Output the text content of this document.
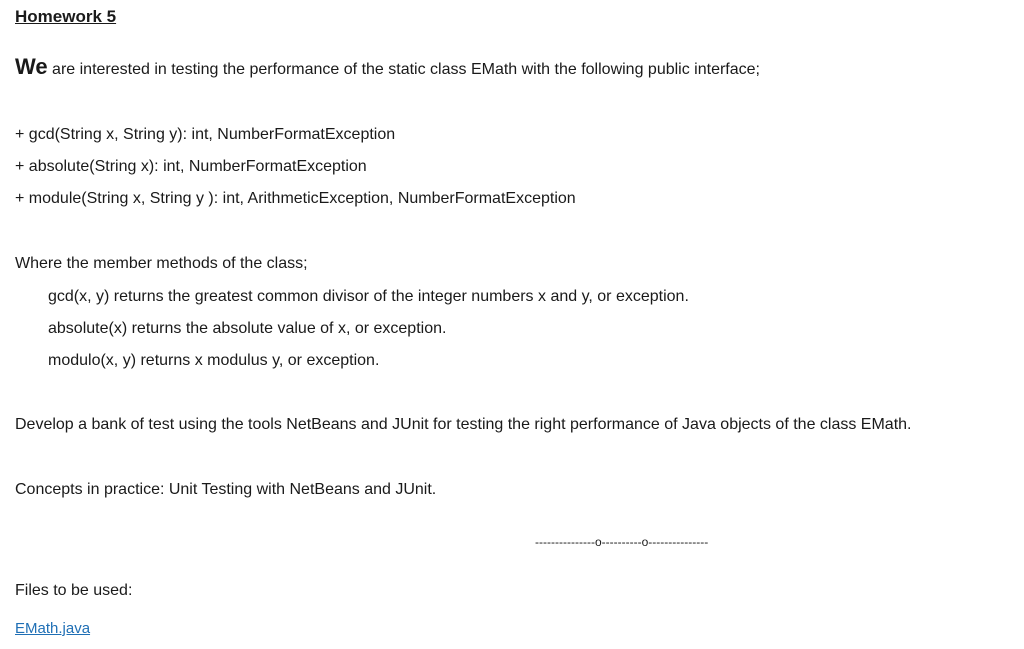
Homework 5
We are interested in testing the performance of the static class EMath with the following public interface;
+ gcd(String x, String y): int, NumberFormatException
+ absolute(String x): int, NumberFormatException
+ module(String x, String y ): int, ArithmeticException, NumberFormatException
Where the member methods of the class;
gcd(x, y) returns the greatest common divisor of the integer numbers x and y, or exception.
absolute(x) returns the absolute value of x, or exception.
modulo(x, y) returns x modulus y, or exception.
Develop a bank of test using the tools NetBeans and JUnit for testing the right performance of Java objects of the class EMath.
Concepts in practice: Unit Testing with NetBeans and JUnit.
---------------o----------o---------------
Files to be used:
EMath.java
